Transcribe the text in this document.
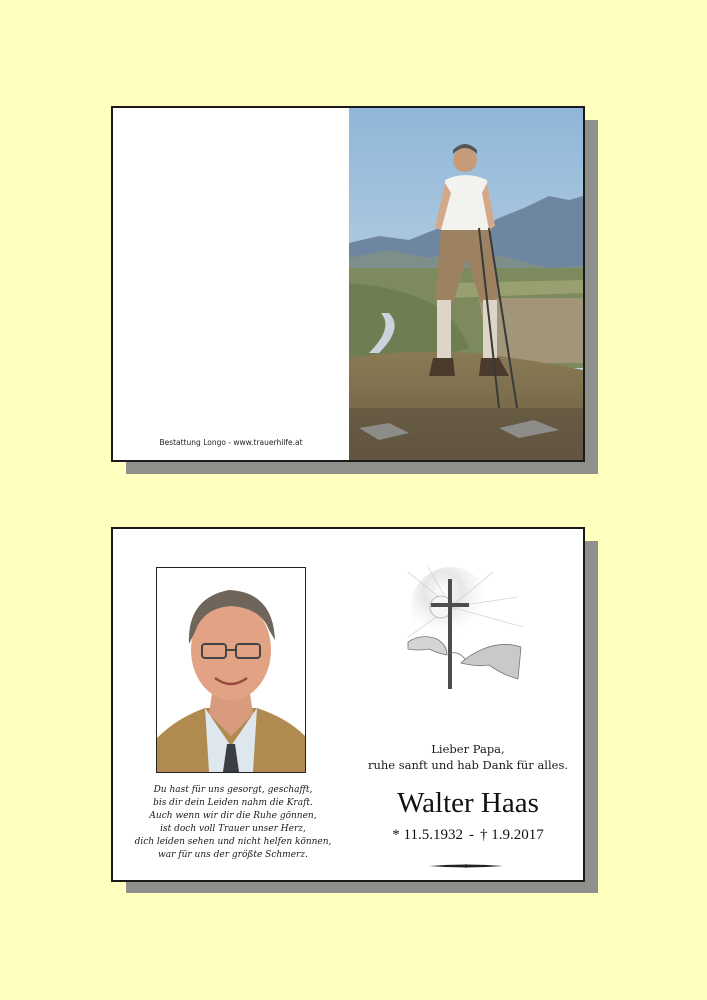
Bestattung Longo - www.trauerhilfe.at
Du hast für uns gesorgt, geschafft,
bis dir dein Leiden nahm die Kraft.
Auch wenn wir dir die Ruhe gönnen,
ist doch voll Trauer unser Herz,
dich leiden sehen und nicht helfen können,
war für uns der größte Schmerz.
Lieber Papa,
ruhe sanft und hab Dank für alles.
Walter Haas
* 11.5.1932 - † 1.9.2017
